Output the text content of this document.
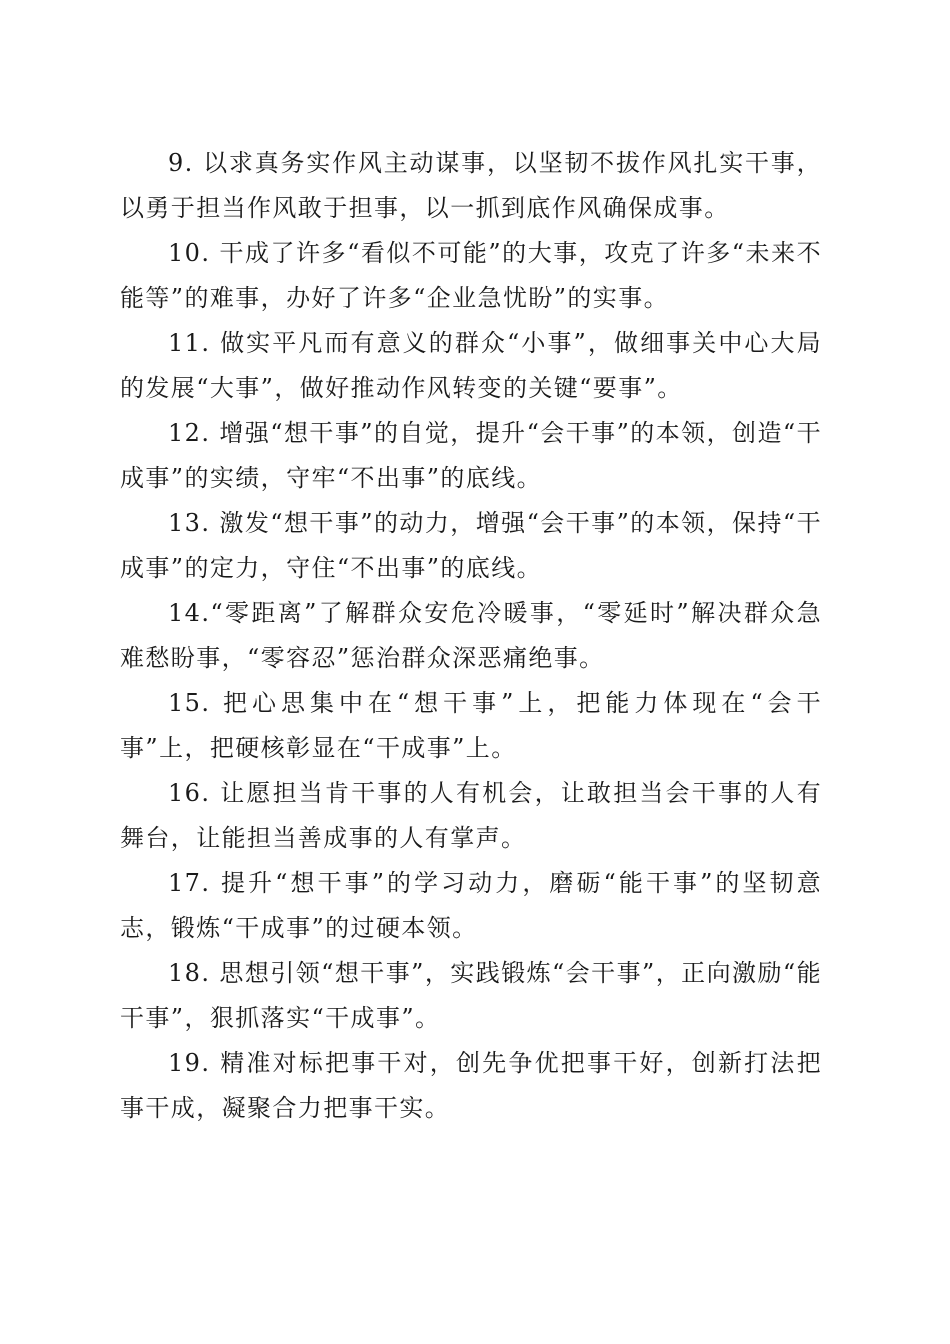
9. 以求真务实作风主动谋事，以坚韧不拔作风扎实干事，以勇于担当作风敢于担事，以一抓到底作风确保成事。

10. 干成了许多“看似不可能”的大事，攻克了许多“未来不能等”的难事，办好了许多“企业急忧盼”的实事。

11. 做实平凡而有意义的群众“小事”，做细事关中心大局的发展“大事”，做好推动作风转变的关键“要事”。

12. 增强“想干事”的自觉，提升“会干事”的本领，创造“干成事”的实绩，守牢“不出事”的底线。

13. 激发“想干事”的动力，增强“会干事”的本领，保持“干成事”的定力，守住“不出事”的底线。

14.“零距离”了解群众安危冷暖事，“零延时”解决群众急难愁盼事，“零容忍”惩治群众深恶痛绝事。

15. 把心思集中在“想干事”上，把能力体现在“会干事”上，把硬核彰显在“干成事”上。

16. 让愿担当肯干事的人有机会，让敢担当会干事的人有舞台，让能担当善成事的人有掌声。

17. 提升“想干事”的学习动力，磨砺“能干事”的坚韧意志，锻炼“干成事”的过硬本领。

18. 思想引领“想干事”，实践锻炼“会干事”，正向激励“能干事”，狠抓落实“干成事”。

19. 精准对标把事干对，创先争优把事干好，创新打法把事干成，凝聚合力把事干实。
